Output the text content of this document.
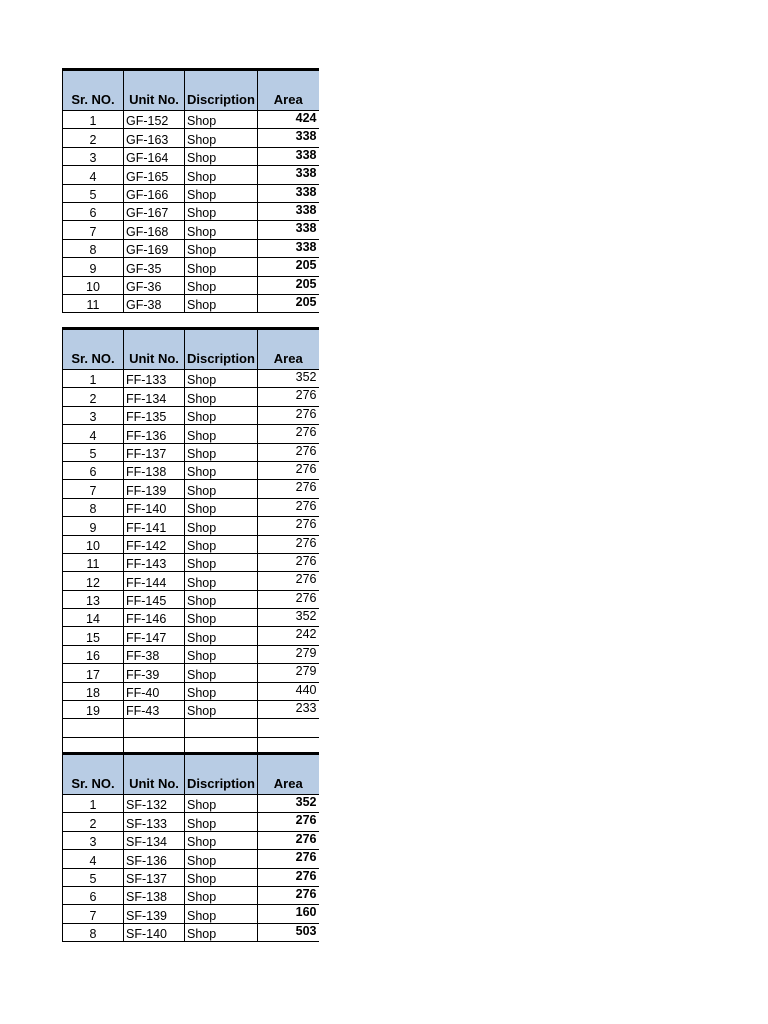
Sr. NO.	Unit No.	Discription	Area
1	GF-152	Shop	424
2	GF-163	Shop	338
3	GF-164	Shop	338
4	GF-165	Shop	338
5	GF-166	Shop	338
6	GF-167	Shop	338
7	GF-168	Shop	338
8	GF-169	Shop	338
9	GF-35	Shop	205
10	GF-36	Shop	205
11	GF-38	Shop	205
Sr. NO.	Unit No.	Discription	Area
1	FF-133	Shop	352
2	FF-134	Shop	276
3	FF-135	Shop	276
4	FF-136	Shop	276
5	FF-137	Shop	276
6	FF-138	Shop	276
7	FF-139	Shop	276
8	FF-140	Shop	276
9	FF-141	Shop	276
10	FF-142	Shop	276
11	FF-143	Shop	276
12	FF-144	Shop	276
13	FF-145	Shop	276
14	FF-146	Shop	352
15	FF-147	Shop	242
16	FF-38	Shop	279
17	FF-39	Shop	279
18	FF-40	Shop	440
19	FF-43	Shop	233

Sr. NO.	Unit No.	Discription	Area
1	SF-132	Shop	352
2	SF-133	Shop	276
3	SF-134	Shop	276
4	SF-136	Shop	276
5	SF-137	Shop	276
6	SF-138	Shop	276
7	SF-139	Shop	160
8	SF-140	Shop	503
